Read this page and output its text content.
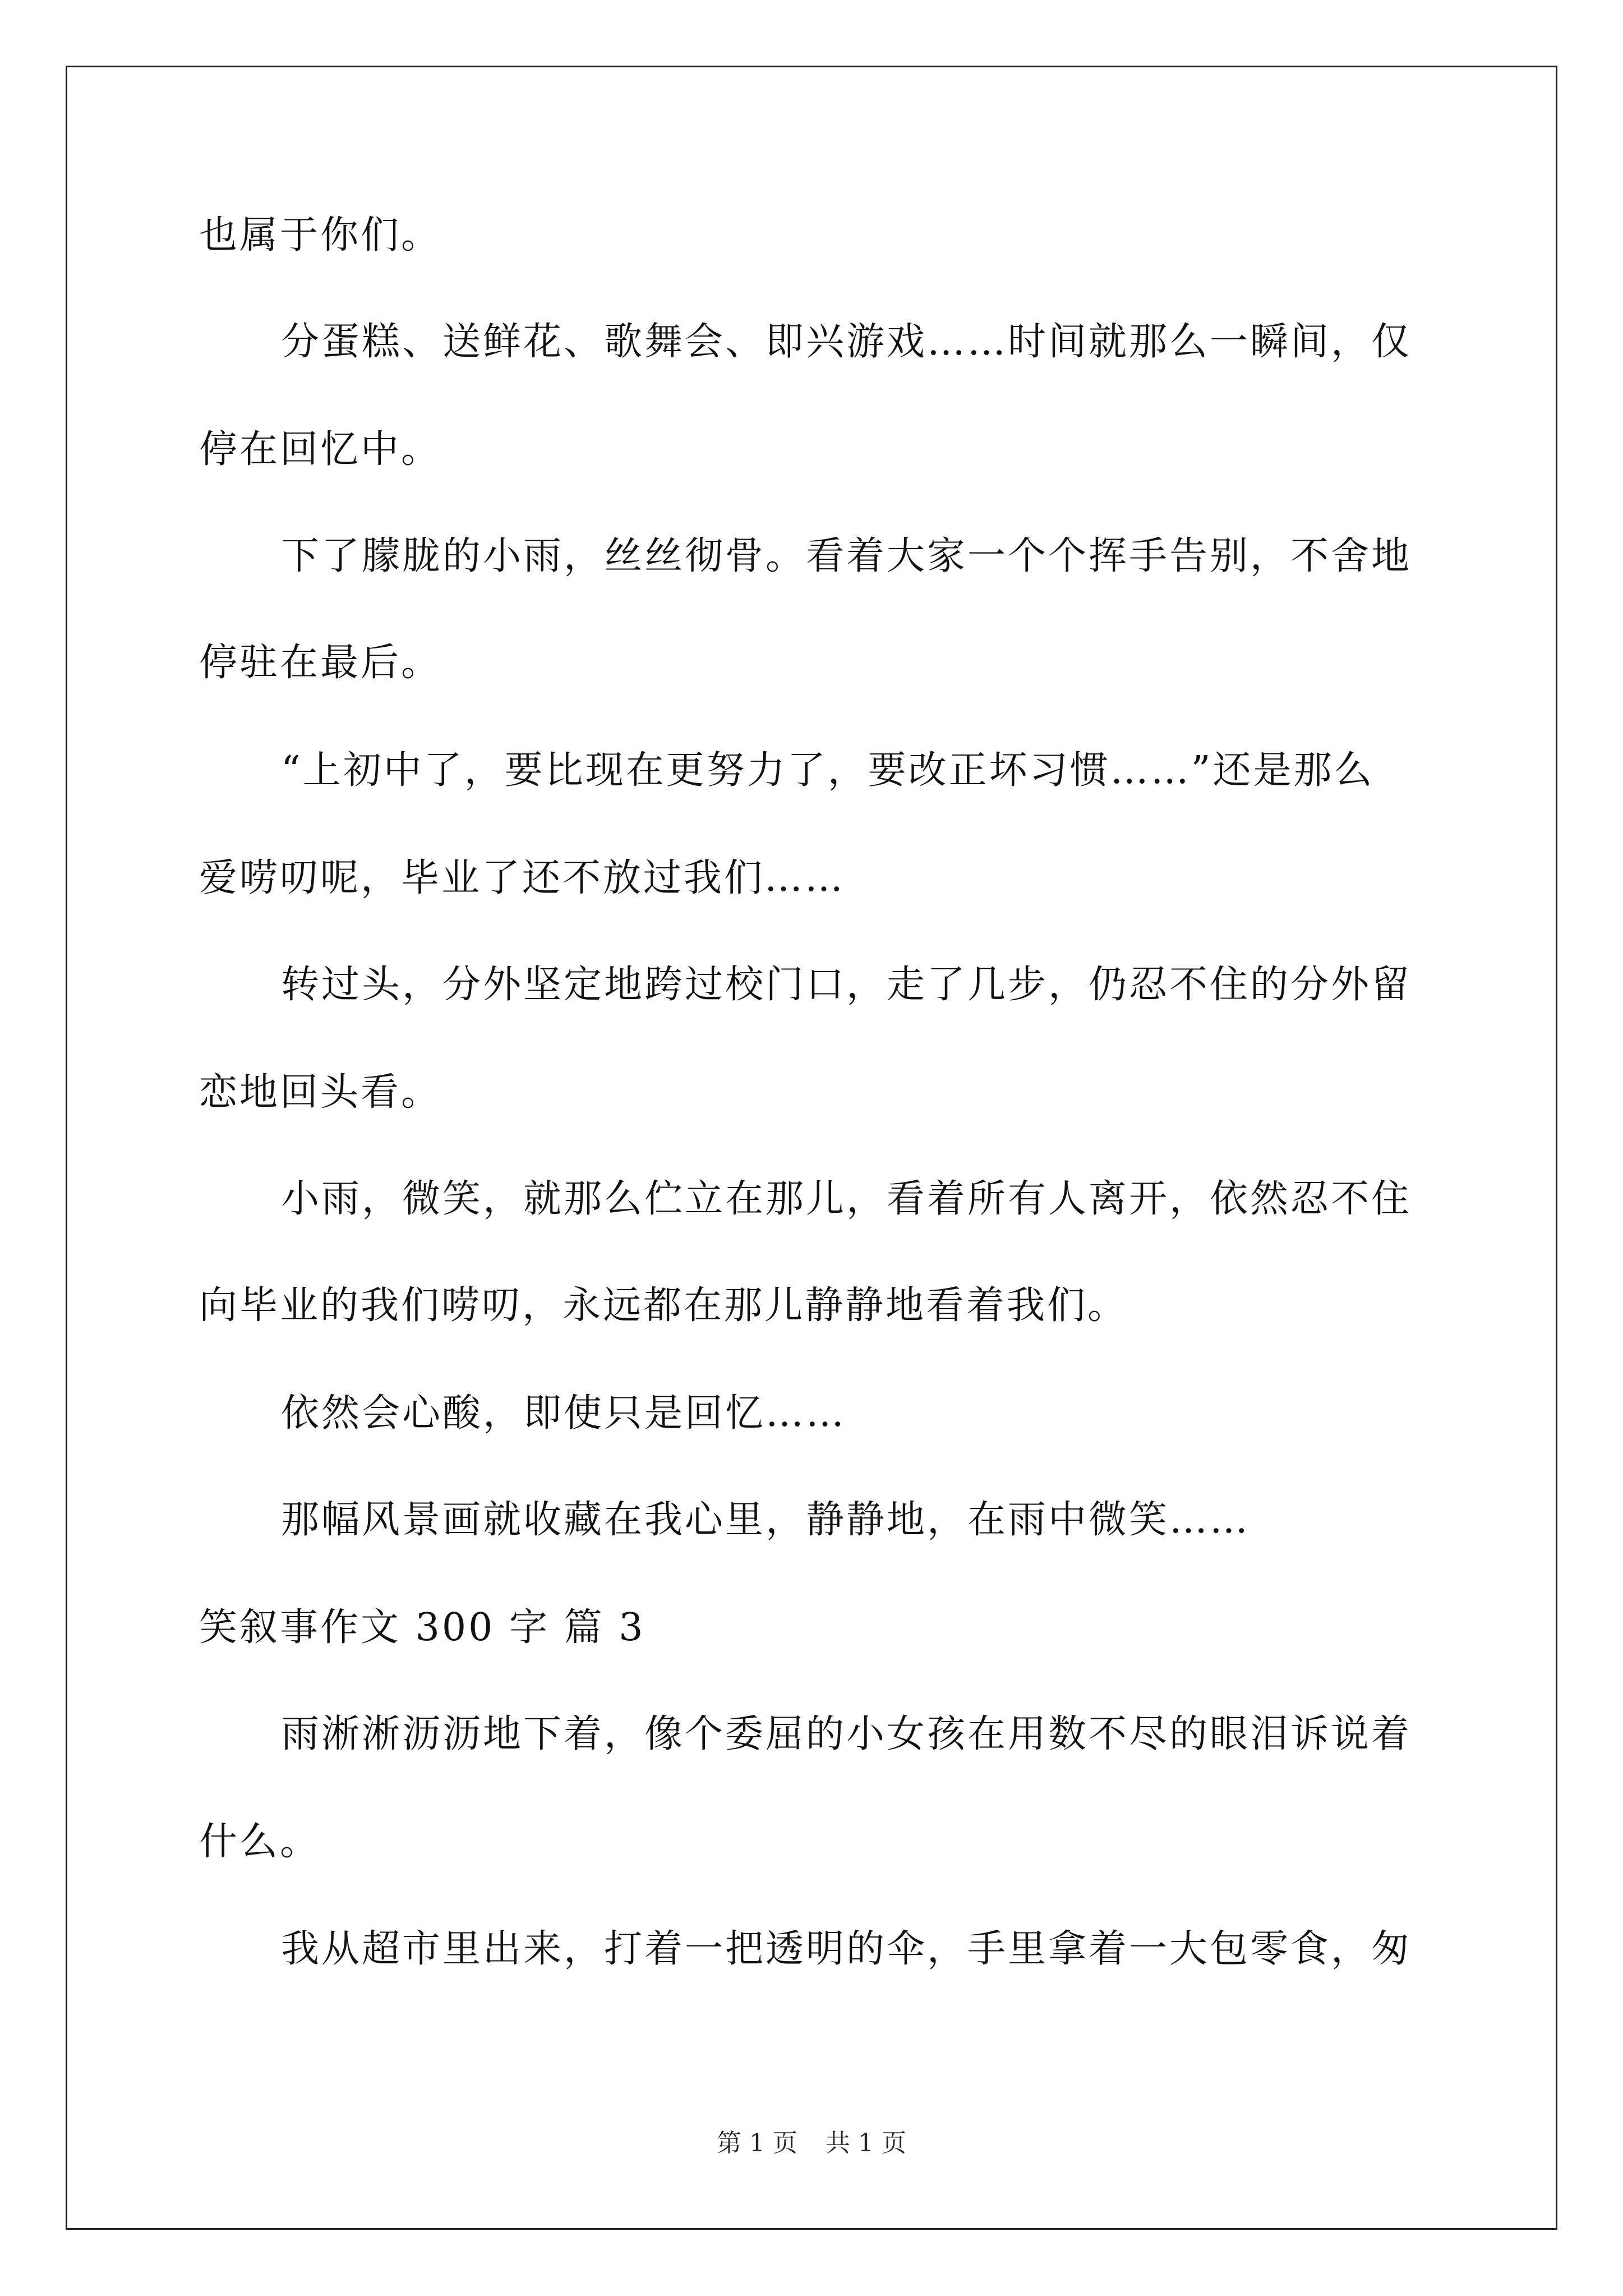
也属于你们。
分蛋糕、送鲜花、歌舞会、即兴游戏……时间就那么一瞬间，仅
停在回忆中。
下了朦胧的小雨，丝丝彻骨。看着大家一个个挥手告别，不舍地
停驻在最后。
“上初中了，要比现在更努力了，要改正坏习惯……”还是那么
爱唠叨呢，毕业了还不放过我们……
转过头，分外坚定地跨过校门口，走了几步，仍忍不住的分外留
恋地回头看。
小雨，微笑，就那么伫立在那儿，看着所有人离开，依然忍不住
向毕业的我们唠叨，永远都在那儿静静地看着我们。
依然会心酸，即使只是回忆……
那幅风景画就收藏在我心里，静静地，在雨中微笑……
笑叙事作文 300 字 篇 3
雨淅淅沥沥地下着，像个委屈的小女孩在用数不尽的眼泪诉说着
什么。
我从超市里出来，打着一把透明的伞，手里拿着一大包零食，匆
第 1 页 共 1 页
